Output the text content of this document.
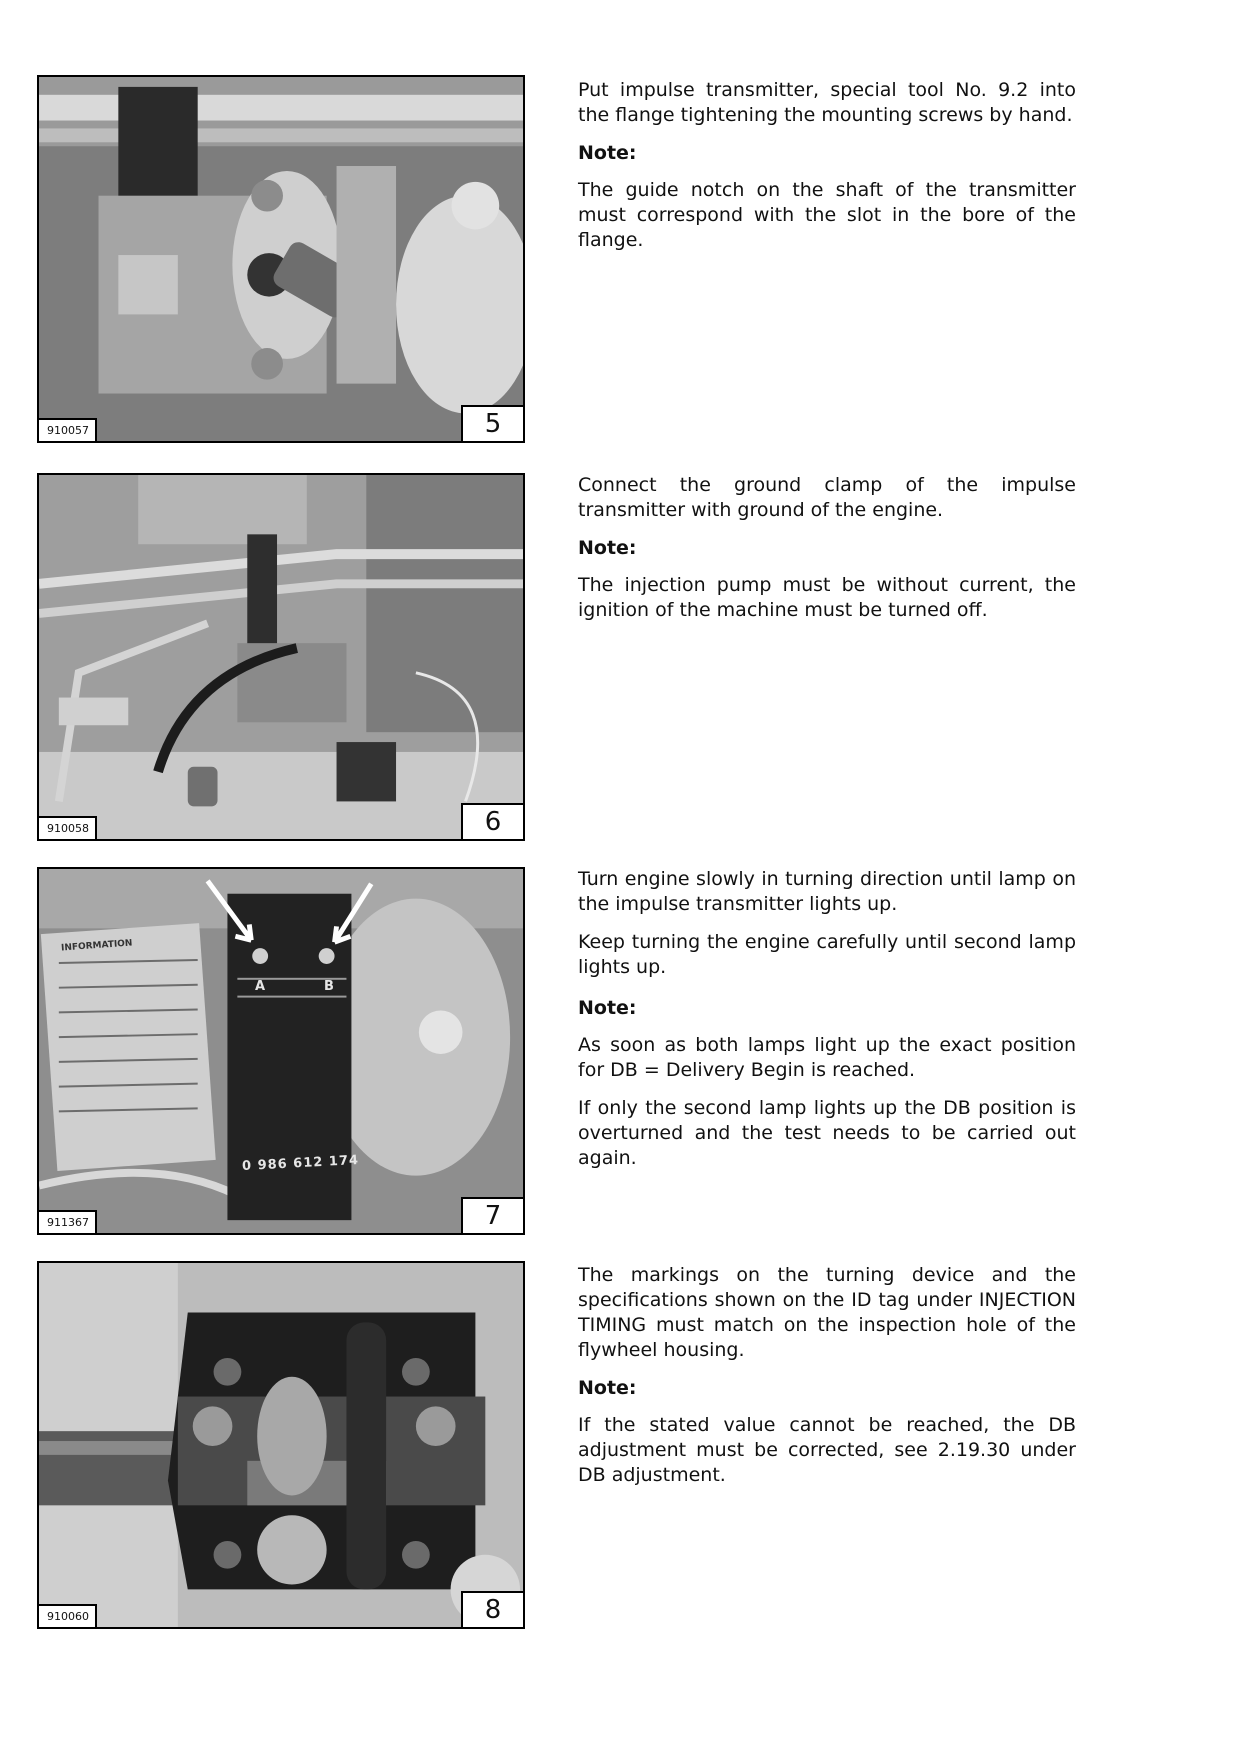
910057	5

Put impulse transmitter, special tool No. 9.2 into the flange tightening the mounting screws by hand.

Note:

The guide notch on the shaft of the transmitter must correspond with the slot in the bore of the flange.

910058	6

Connect the ground clamp of the impulse transmitter with ground of the engine.

Note:

The injection pump must be without current, the ignition of the machine must be turned off.

INFORMATION
A	B
0 986 612 174
911367	7

Turn engine slowly in turning direction until lamp on the impulse transmitter lights up.

Keep turning the engine carefully until second lamp lights up.

Note:

As soon as both lamps light up the exact position for DB = Delivery Begin is reached.

If only the second lamp lights up the DB position is overturned and the test needs to be carried out again.

910060	8

The markings on the turning device and the specifications shown on the ID tag under INJECTION TIMING must match on the inspection hole of the flywheel housing.

Note:

If the stated value cannot be reached, the DB adjustment must be corrected, see 2.19.30 under DB adjustment.
